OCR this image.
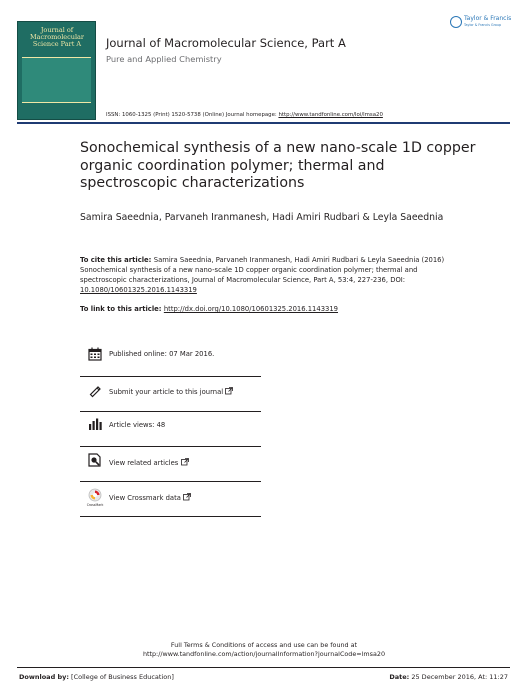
Journal of Macromolecular Science Part A	Journal of Macromolecular Science, Part A
Pure and Applied Chemistry
ISSN: 1060-1325 (Print) 1520-5738 (Online) Journal homepage: http://www.tandfonline.com/loi/lmsa20
Taylor & Francis
Taylor & Francis Group
Sonochemical synthesis of a new nano-scale 1D copper organic coordination polymer; thermal and spectroscopic characterizations
Samira Saeednia, Parvaneh Iranmanesh, Hadi Amiri Rudbari & Leyla Saeednia
To cite this article: Samira Saeednia, Parvaneh Iranmanesh, Hadi Amiri Rudbari & Leyla Saeednia (2016) Sonochemical synthesis of a new nano-scale 1D copper organic coordination polymer; thermal and spectroscopic characterizations, Journal of Macromolecular Science, Part A, 53:4, 227-236, DOI: 10.1080/10601325.2016.1143319
To link to this article: http://dx.doi.org/10.1080/10601325.2016.1143319
Published online: 07 Mar 2016.
Submit your article to this journal
Article views: 48
View related articles
CrossMark
View Crossmark data
Full Terms & Conditions of access and use can be found at
http://www.tandfonline.com/action/journalInformation?journalCode=lmsa20
Download by: [College of Business Education]	Date: 25 December 2016, At: 11:27
